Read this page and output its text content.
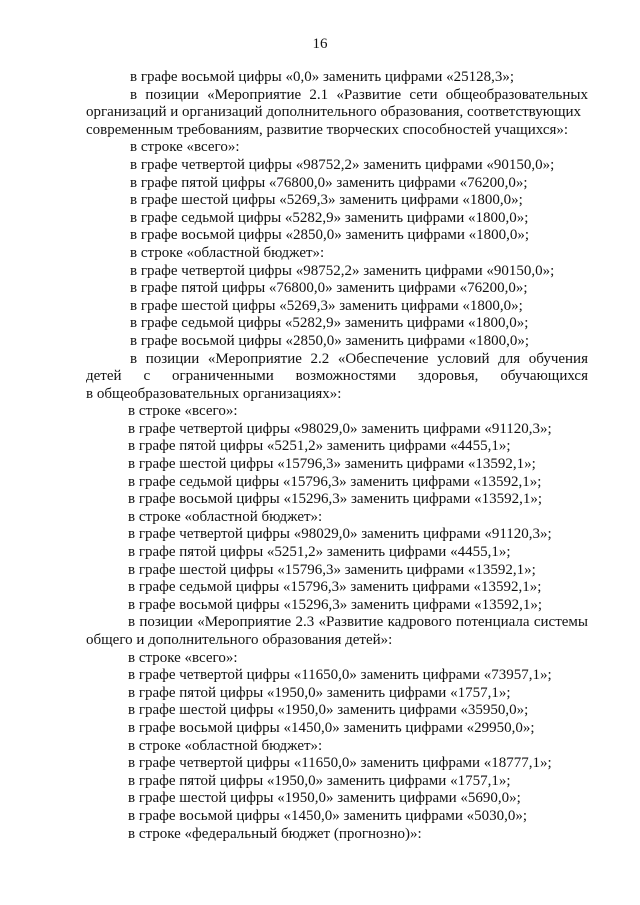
16
в графе восьмой цифры «0,0» заменить цифрами «25128,3»;
в позиции «Мероприятие 2.1 «Развитие сети общеобразовательных
организаций и организаций дополнительного образования, соответствующих
современным требованиям, развитие творческих способностей учащихся»:
в строке «всего»:
в графе четвертой цифры «98752,2» заменить цифрами «90150,0»;
в графе пятой цифры «76800,0» заменить цифрами «76200,0»;
в графе шестой цифры «5269,3» заменить цифрами «1800,0»;
в графе седьмой цифры «5282,9» заменить цифрами «1800,0»;
в графе восьмой цифры «2850,0» заменить цифрами «1800,0»;
в строке «областной бюджет»:
в графе четвертой цифры «98752,2» заменить цифрами «90150,0»;
в графе пятой цифры «76800,0» заменить цифрами «76200,0»;
в графе шестой цифры «5269,3» заменить цифрами «1800,0»;
в графе седьмой цифры «5282,9» заменить цифрами «1800,0»;
в графе восьмой цифры «2850,0» заменить цифрами «1800,0»;
в позиции «Мероприятие 2.2 «Обеспечение условий для обучения
детей с ограниченными возможностями здоровья, обучающихся
в общеобразовательных организациях»:
в строке «всего»:
в графе четвертой цифры «98029,0» заменить цифрами «91120,3»;
в графе пятой цифры «5251,2» заменить цифрами «4455,1»;
в графе шестой цифры «15796,3» заменить цифрами «13592,1»;
в графе седьмой цифры «15796,3» заменить цифрами «13592,1»;
в графе восьмой цифры «15296,3» заменить цифрами «13592,1»;
в строке «областной бюджет»:
в графе четвертой цифры «98029,0» заменить цифрами «91120,3»;
в графе пятой цифры «5251,2» заменить цифрами «4455,1»;
в графе шестой цифры «15796,3» заменить цифрами «13592,1»;
в графе седьмой цифры «15796,3» заменить цифрами «13592,1»;
в графе восьмой цифры «15296,3» заменить цифрами «13592,1»;
в позиции «Мероприятие 2.3 «Развитие кадрового потенциала системы
общего и дополнительного образования детей»:
в строке «всего»:
в графе четвертой цифры «11650,0» заменить цифрами «73957,1»;
в графе пятой цифры «1950,0» заменить цифрами «1757,1»;
в графе шестой цифры «1950,0» заменить цифрами «35950,0»;
в графе восьмой цифры «1450,0» заменить цифрами «29950,0»;
в строке «областной бюджет»:
в графе четвертой цифры «11650,0» заменить цифрами «18777,1»;
в графе пятой цифры «1950,0» заменить цифрами «1757,1»;
в графе шестой цифры «1950,0» заменить цифрами «5690,0»;
в графе восьмой цифры «1450,0» заменить цифрами «5030,0»;
в строке «федеральный бюджет (прогнозно)»:
